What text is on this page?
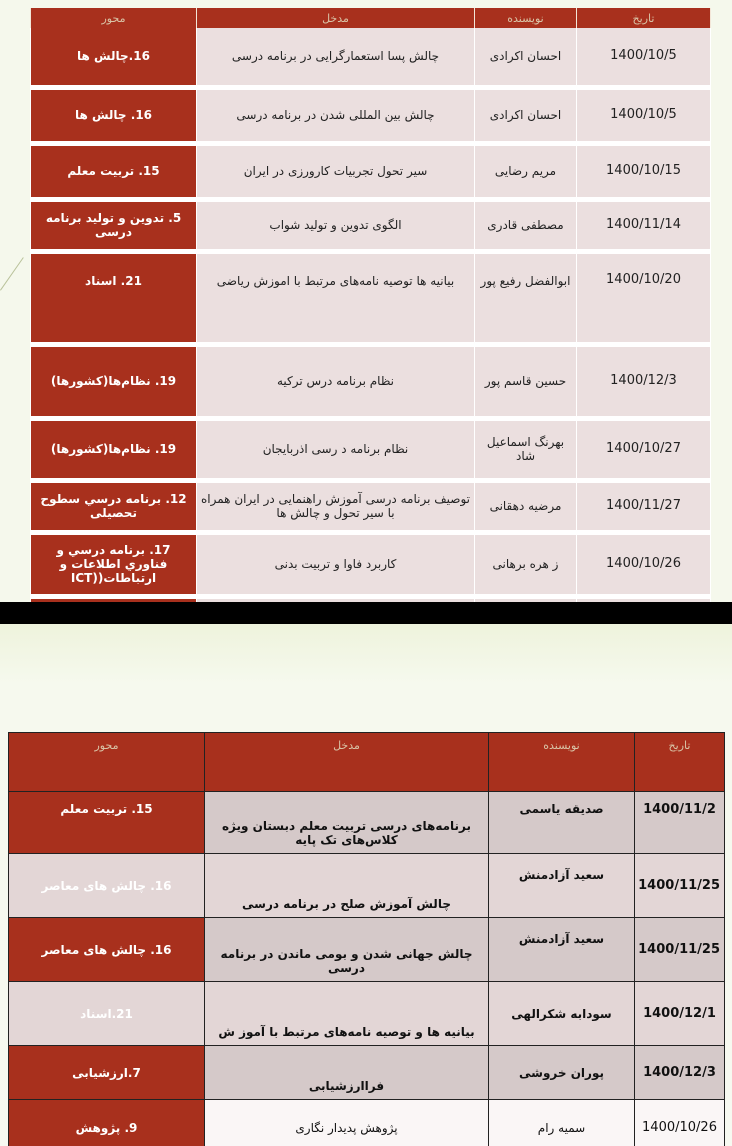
محور	مدخل	نویسنده	تاریخ
16.چالش ها	چالش پسا استعمارگرایی در برنامه درسی	احسان اکرادی	1400/10/5
16. چالش ها	چالش بین المللی شدن در برنامه درسی	احسان اکرادی	1400/10/5
15. تربیت معلم	سیر تحول تجربیات کارورزی در ایران	مریم رضایی	1400/10/15
5. تدوین و تولید برنامه درسی	الگوی تدوین و تولید شواب	مصطفی قادری	1400/11/14
21. اسناد	بیانیه ها توصیه نامه‌های مرتبط با اموزش ریاضی	ابوالفضل رفیع پور	1400/10/20
19. نظام‌ها(کشورها)	نظام برنامه درس ترکیه	حسین قاسم پور	1400/12/3
19. نظام‌ها(کشورها)	نظام برنامه د رسی اذربایجان	بهرنگ اسماعیل شاد	1400/10/27
12. برنامه درسي سطوح تحصیلی	توصیف برنامه درسی آموزش راهنمایی در ایران همراه با سیر تحول و چالش ها	مرضیه دهقانی	1400/11/27
17. برنامه درسي و فناوري اطلاعات و ارتباطات((ICT	کاربرد فاوا و تربیت بدنی	ز هره برهانی	1400/10/26

محور	مدخل	نویسنده	تاریخ
15. تربیت معلم	برنامه‌های درسی تربیت معلم دبستان ویژه کلاس‌های تک پایه	صدیقه یاسمی	1400/11/2
16. چالش های معاصر	چالش آموزش صلح در برنامه درسی	سعید آزادمنش	1400/11/25
16. چالش های معاصر	چالش جهانی شدن و بومی ماندن در برنامه درسی	سعید آزادمنش	1400/11/25
21.اسناد	بیانیه ها و توصیه نامه‌های مرتبط با آموز ش	سودابه شکرالهی	1400/12/1
7.ارزشیابی	فراارزشیابی	پوران خروشی	1400/12/3
9. پژوهش	پژوهش پدیدار نگاری	سمیه رام	1400/10/26
